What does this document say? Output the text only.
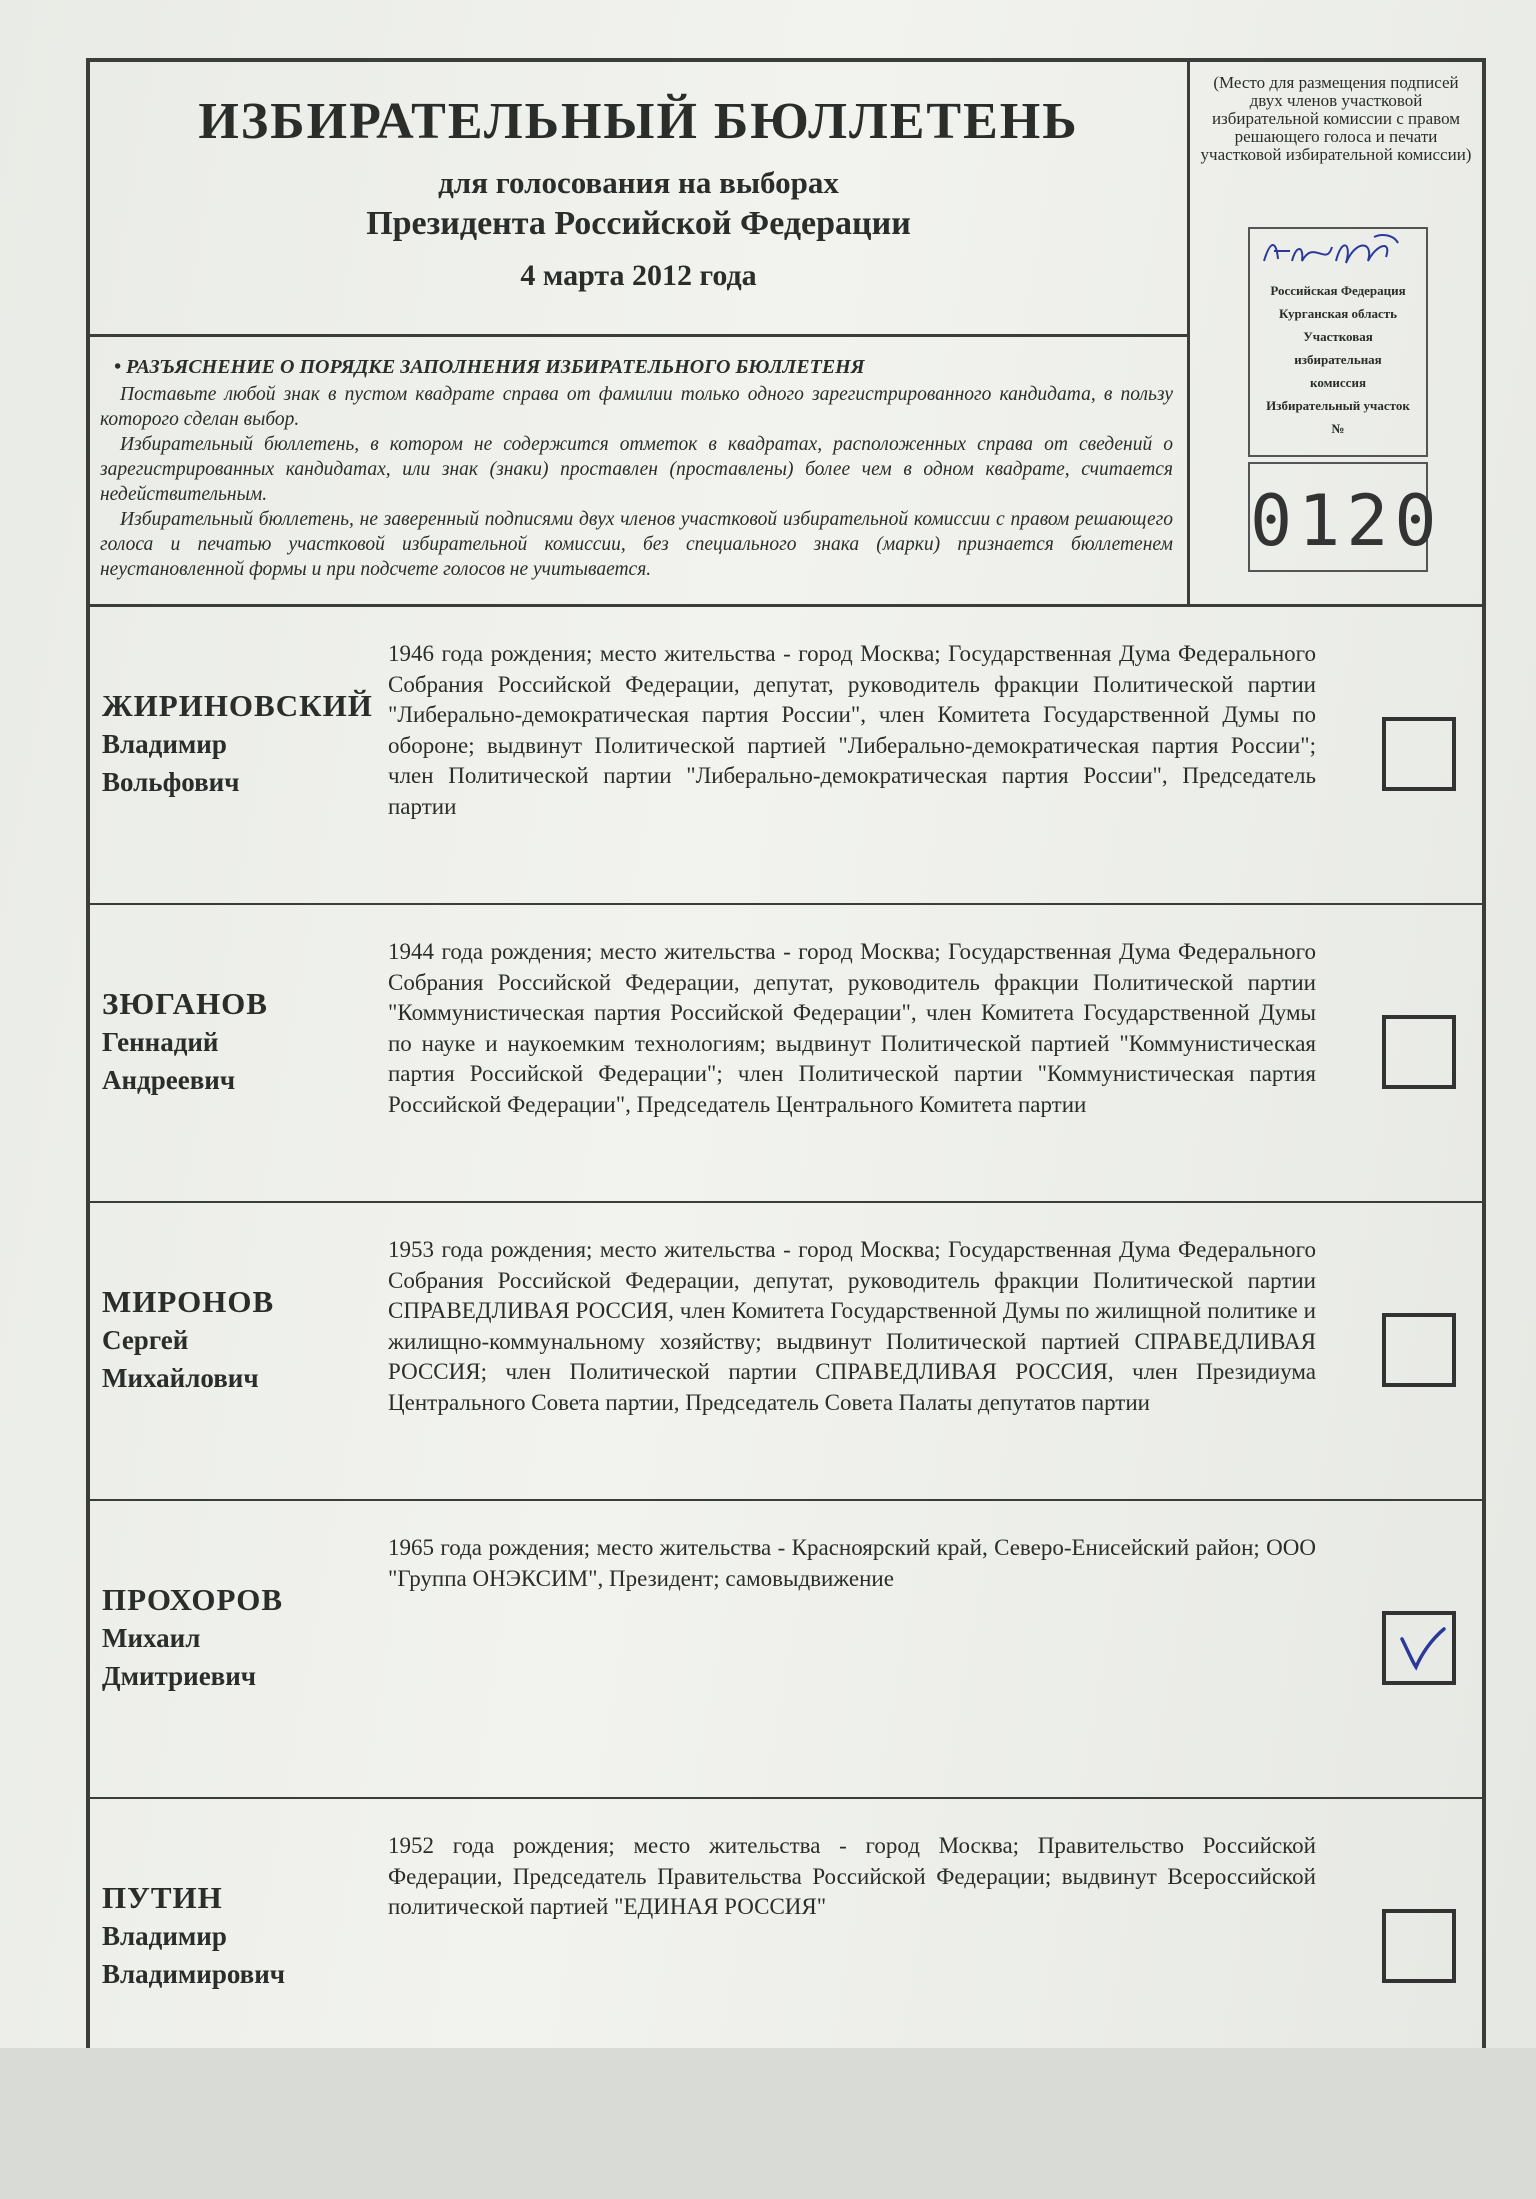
ИЗБИРАТЕЛЬНЫЙ БЮЛЛЕТЕНЬ
для голосования на выборах
Президента Российской Федерации
4 марта 2012 года
• РАЗЪЯСНЕНИЕ О ПОРЯДКЕ ЗАПОЛНЕНИЯ ИЗБИРАТЕЛЬНОГО БЮЛЛЕТЕНЯ

Поставьте любой знак в пустом квадрате справа от фамилии только одного зарегистрированного кандидата, в пользу которого сделан выбор.

Избирательный бюллетень, в котором не содержится отметок в квадратах, расположенных справа от сведений о зарегистрированных кандидатах, или знак (знаки) проставлен (проставлены) более чем в одном квадрате, считается недействительным.

Избирательный бюллетень, не заверенный подписями двух членов участковой избирательной комиссии с правом решающего голоса и печатью участковой избирательной комиссии, без специального знака (марки) признается бюллетенем неустановленной формы и при подсчете голосов не учитывается.

(Место для размещения подписей двух членов участковой избирательной комиссии с правом решающего голоса и печати участковой избирательной комиссии)
Российская Федерация
Курганская область
Участковая
избирательная
комиссия
Избирательный участок
№
0120
ЖИРИНОВСКИЙ
Владимир
Вольфович
1946 года рождения; место жительства - город Москва; Государственная Дума Федерального Собрания Российской Федерации, депутат, руководитель фракции Политической партии "Либерально-демократическая партия России", член Комитета Государственной Думы по обороне; выдвинут Политической партией "Либерально-демократическая партия России"; член Политической партии "Либерально-демократическая партия России", Председатель партии
ЗЮГАНОВ
Геннадий
Андреевич
1944 года рождения; место жительства - город Москва; Государственная Дума Федерального Собрания Российской Федерации, депутат, руководитель фракции Политической партии "Коммунистическая партия Российской Федерации", член Комитета Государственной Думы по науке и наукоемким технологиям; выдвинут Политической партией "Коммунистическая партия Российской Федерации"; член Политической партии "Коммунистическая партия Российской Федерации", Председатель Центрального Комитета партии
МИРОНОВ
Сергей
Михайлович
1953 года рождения; место жительства - город Москва; Государственная Дума Федерального Собрания Российской Федерации, депутат, руководитель фракции Политической партии СПРАВЕДЛИВАЯ РОССИЯ, член Комитета Государственной Думы по жилищной политике и жилищно-коммунальному хозяйству; выдвинут Политической партией СПРАВЕДЛИВАЯ РОССИЯ; член Политической партии СПРАВЕДЛИВАЯ РОССИЯ, член Президиума Центрального Совета партии, Председатель Совета Палаты депутатов партии
ПРОХОРОВ
Михаил
Дмитриевич
1965 года рождения; место жительства - Красноярский край, Северо-Енисейский район; ООО "Группа ОНЭКСИМ", Президент; самовыдвижение
ПУТИН
Владимир
Владимирович
1952 года рождения; место жительства - город Москва; Правительство Российской Федерации, Председатель Правительства Российской Федерации; выдвинут Всероссийской политической партией "ЕДИНАЯ РОССИЯ"
